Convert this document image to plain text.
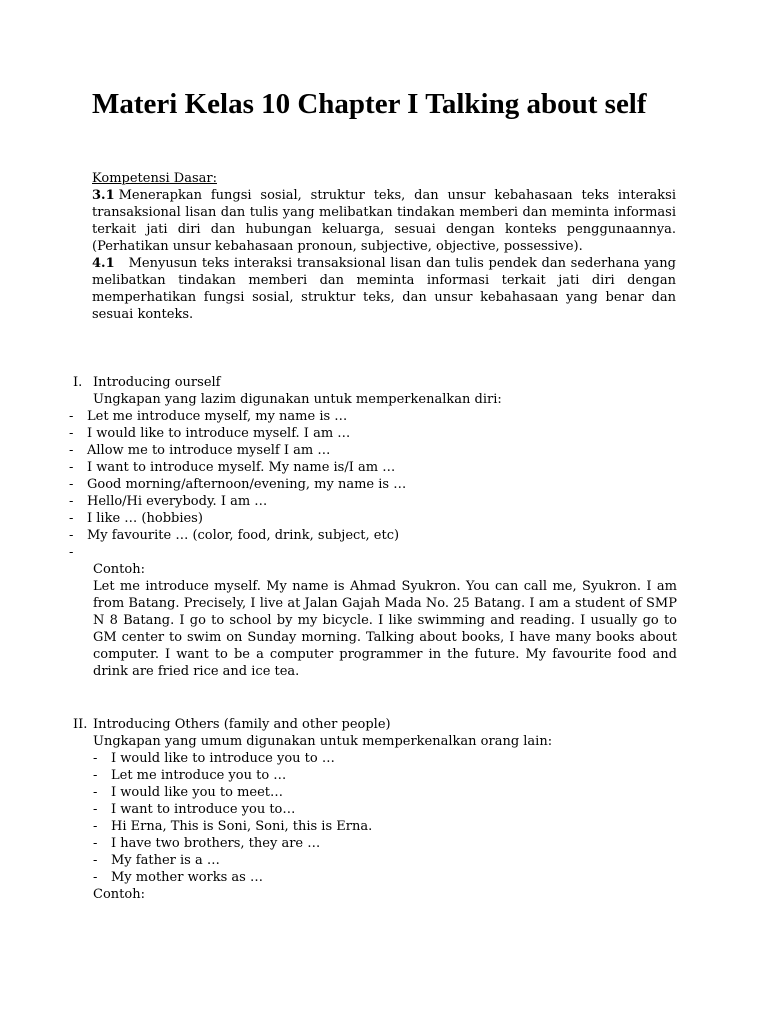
Materi Kelas 10 Chapter I Talking about self
Kompetensi Dasar:

3.1 Menerapkan fungsi sosial, struktur teks, dan unsur kebahasaan teks interaksi transaksional lisan dan tulis yang melibatkan tindakan memberi dan meminta informasi terkait jati diri dan hubungan keluarga, sesuai dengan konteks penggunaannya. (Perhatikan unsur kebahasaan pronoun, subjective, objective, possessive).

4.1 Menyusun teks interaksi transaksional lisan dan tulis pendek dan sederhana yang melibatkan tindakan memberi dan meminta informasi terkait jati diri dengan memperhatikan fungsi sosial, struktur teks, dan unsur kebahasaan yang benar dan sesuai konteks.

I. Introducing ourself

Ungkapan yang lazim digunakan untuk memperkenalkan diri:

-	Let me introduce myself, my name is …
-	I would like to introduce myself. I am …
-	Allow me to introduce myself I am …
-	I want to introduce myself. My name is/I am …
-	Good morning/afternoon/evening, my name is …
-	Hello/Hi everybody. I am …
-	I like … (hobbies)
-	My favourite … (color, food, drink, subject, etc)
-
Contoh:

Let me introduce myself. My name is Ahmad Syukron. You can call me, Syukron. I am from Batang. Precisely, I live at Jalan Gajah Mada No. 25 Batang. I am a student of SMP N 8 Batang. I go to school by my bicycle. I like swimming and reading. I usually go to GM center to swim on Sunday morning. Talking about books, I have many books about computer. I want to be a computer programmer in the future. My favourite food and drink are fried rice and ice tea.

II. Introducing Others (family and other people)

Ungkapan yang umum digunakan untuk memperkenalkan orang lain:

-	I would like to introduce you to …
-	Let me introduce you to …
-	I would like you to meet…
-	I want to introduce you to…
-	Hi Erna, This is Soni, Soni, this is Erna.
-	I have two brothers, they are …
-	My father is a …
-	My mother works as …
Contoh:
